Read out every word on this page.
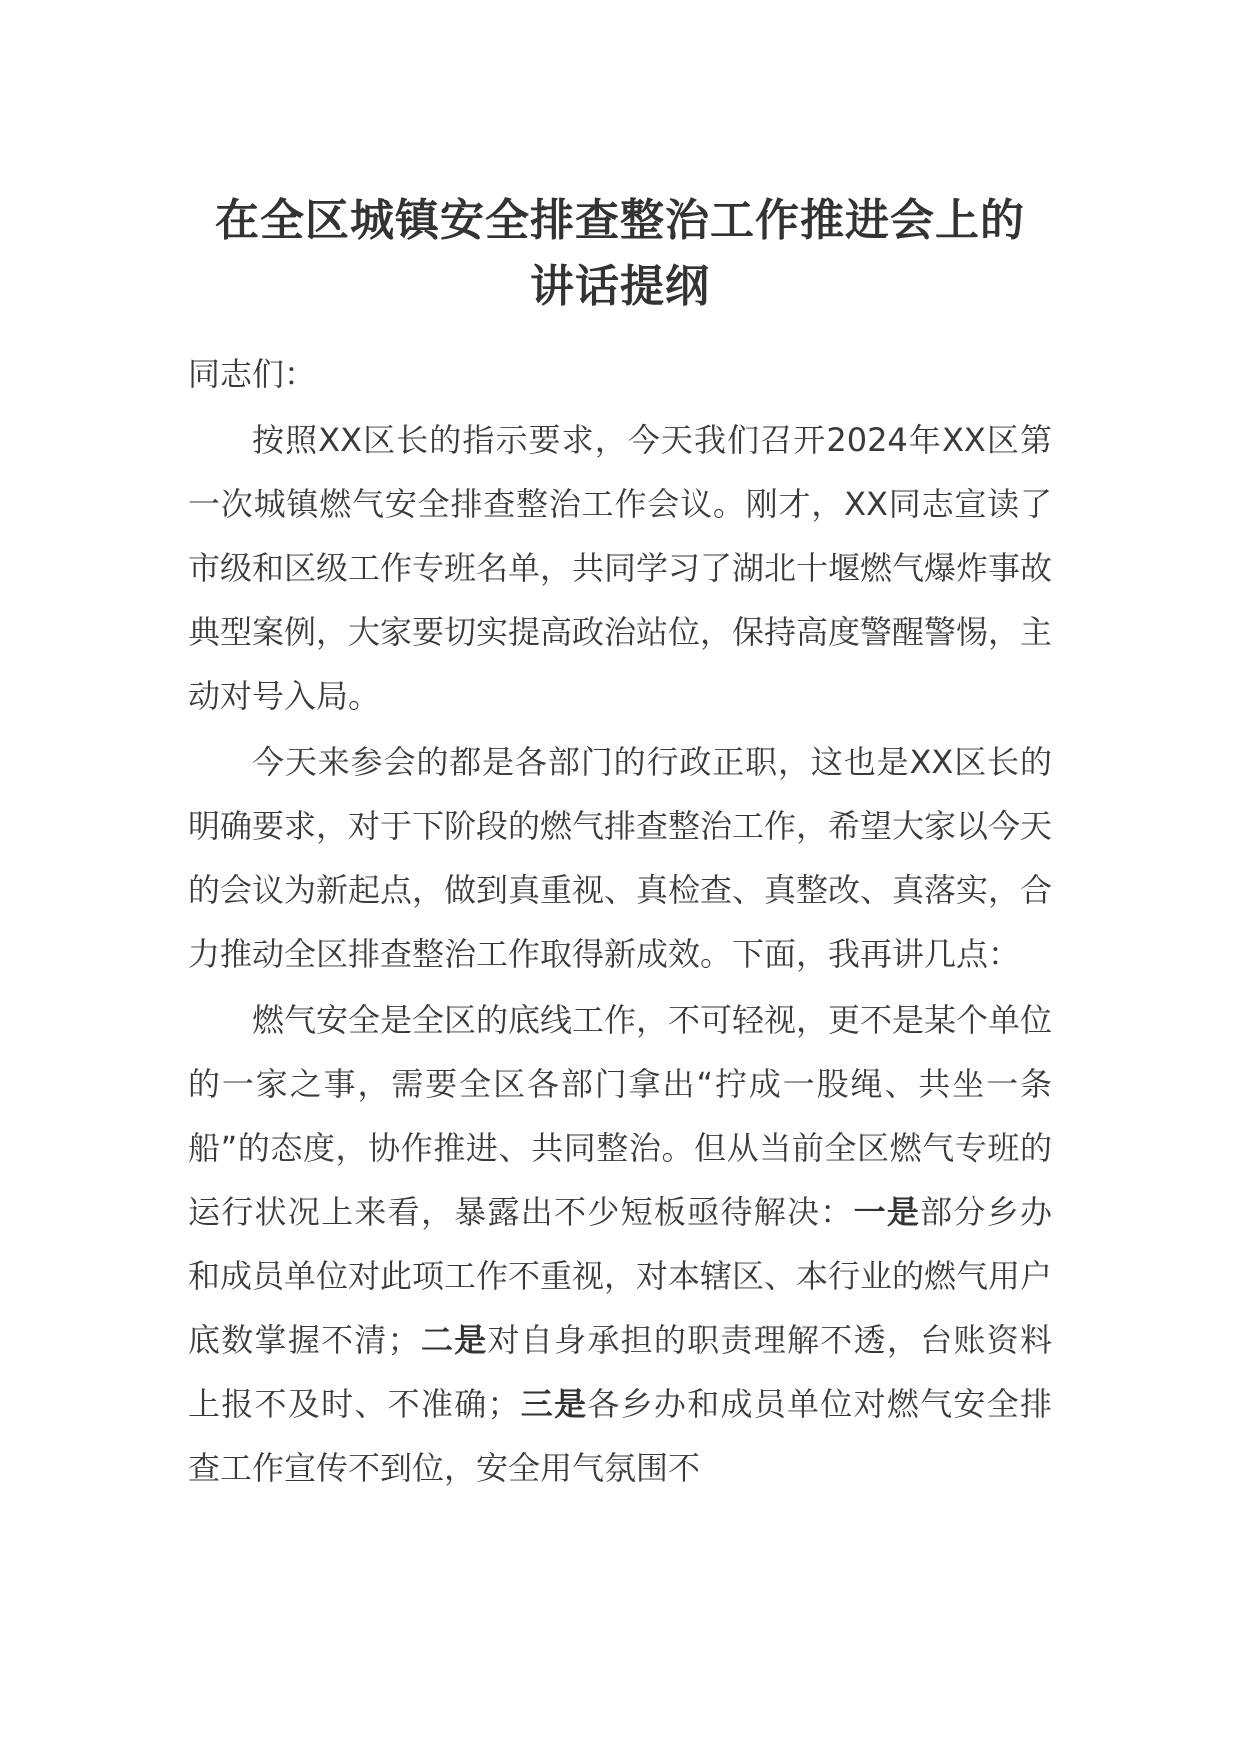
在全区城镇安全排查整治工作推进会上的
讲话提纲

同志们：

按照XX区长的指示要求，今天我们召开2024年XX区第一次城镇燃气安全排查整治工作会议。刚才，XX同志宣读了市级和区级工作专班名单，共同学习了湖北十堰燃气爆炸事故典型案例，大家要切实提高政治站位，保持高度警醒警惕，主动对号入局。

今天来参会的都是各部门的行政正职，这也是XX区长的明确要求，对于下阶段的燃气排查整治工作，希望大家以今天的会议为新起点，做到真重视、真检查、真整改、真落实，合力推动全区排查整治工作取得新成效。下面，我再讲几点：

燃气安全是全区的底线工作，不可轻视，更不是某个单位的一家之事，需要全区各部门拿出“拧成一股绳、共坐一条船”的态度，协作推进、共同整治。但从当前全区燃气专班的运行状况上来看，暴露出不少短板亟待解决：一是部分乡办和成员单位对此项工作不重视，对本辖区、本行业的燃气用户底数掌握不清；二是对自身承担的职责理解不透，台账资料上报不及时、不准确；三是各乡办和成员单位对燃气安全排查工作宣传不到位，安全用气氛围不
